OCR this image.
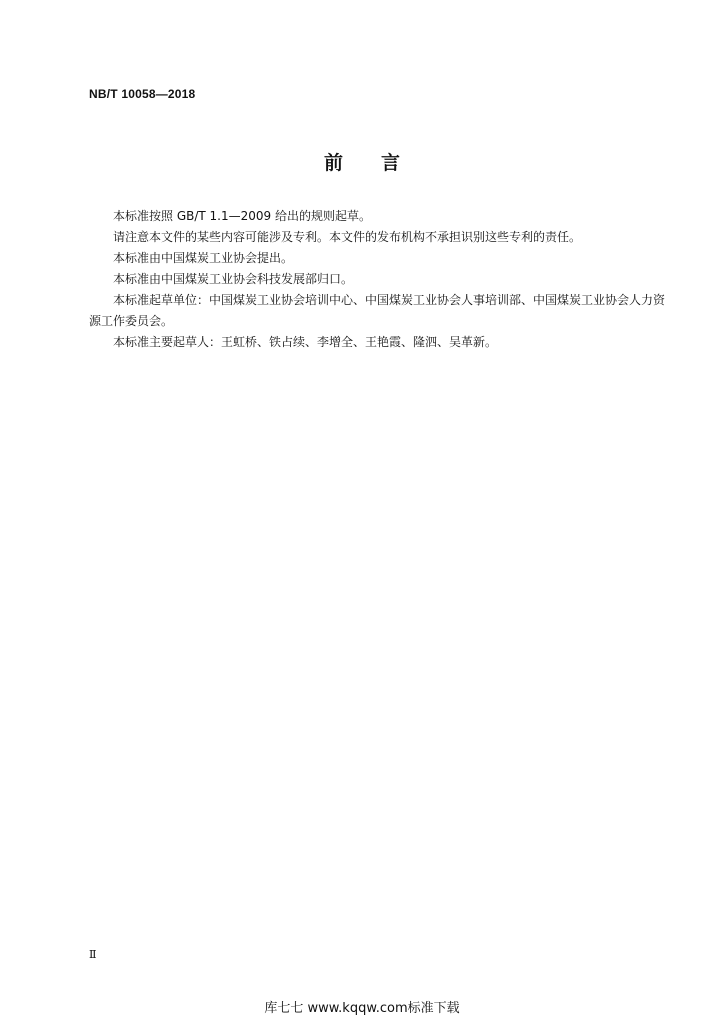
NB/T 10058—2018
前 言

本标准按照 GB/T 1.1—2009 给出的规则起草。

请注意本文件的某些内容可能涉及专利。本文件的发布机构不承担识别这些专利的责任。

本标准由中国煤炭工业协会提出。

本标准由中国煤炭工业协会科技发展部归口。

本标准起草单位：中国煤炭工业协会培训中心、中国煤炭工业协会人事培训部、中国煤炭工业协会人力资源工作委员会。

本标准主要起草人：王虹桥、铁占续、李增全、王艳霞、隆泗、吴革新。

Ⅱ
库七七 www.kqqw.com标准下载
